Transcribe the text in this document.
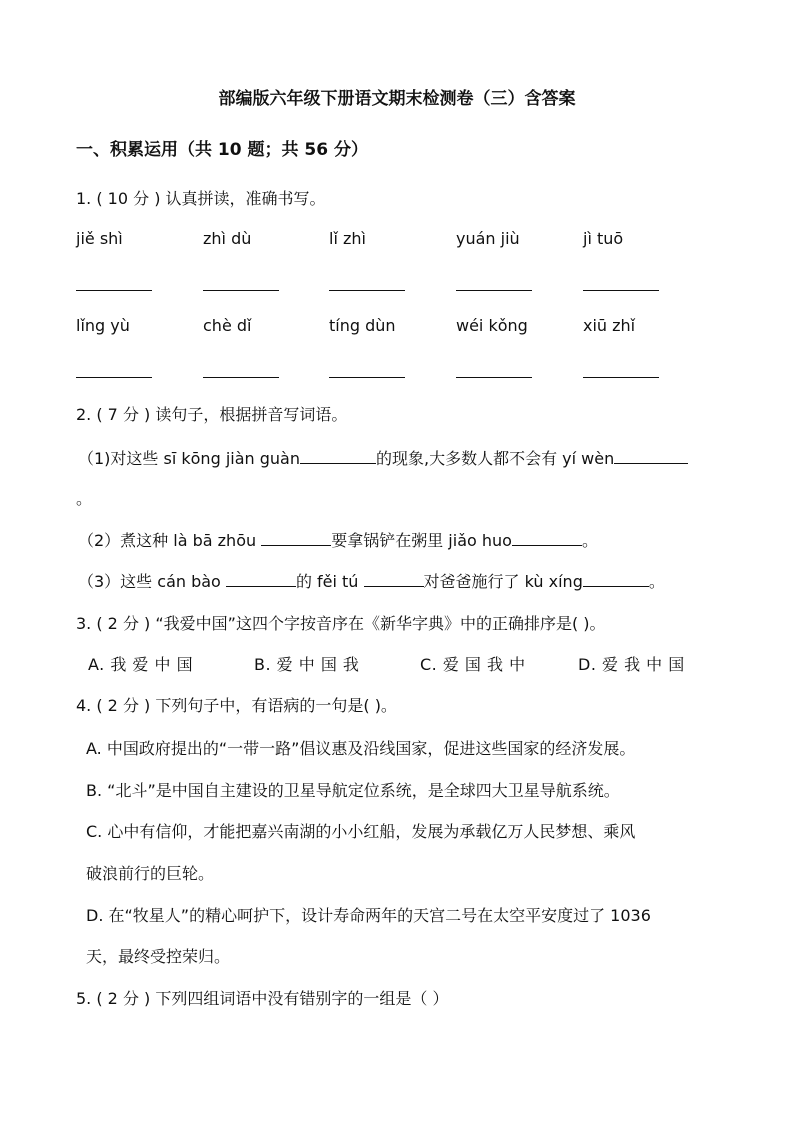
部编版六年级下册语文期末检测卷（三）含答案
一、积累运用（共 10 题；共 56 分）
1. ( 10 分 ) 认真拼读，准确书写。
jiě shì	zhì dù	lǐ zhì	yuán jiù	jì tuō
lǐng yù	chè dǐ	tíng dùn	wéi kǒng	xiū zhǐ
2. ( 7 分 ) 读句子，根据拼音写词语。
（1)对这些 sī kōng jiàn guàn	的现象,大多数人都不会有 yí wèn
。
（2）煮这种 là bā zhōu	要拿锅铲在粥里 jiǎo huo	。
（3）这些 cán bào	的 fěi tú	对爸爸施行了 kù xíng	。
3. ( 2 分 ) “我爱中国”这四个字按音序在《新华字典》中的正确排序是( )。
A. 我 爱 中 国	B. 爱 中 国 我	C. 爱 国 我 中	D. 爱 我 中 国
4. ( 2 分 ) 下列句子中，有语病的一句是( )。
A. 中国政府提出的“一带一路”倡议惠及沿线国家，促进这些国家的经济发展。
B. “北斗”是中国自主建设的卫星导航定位系统，是全球四大卫星导航系统。
C. 心中有信仰，才能把嘉兴南湖的小小红船，发展为承载亿万人民梦想、乘风
破浪前行的巨轮。
D. 在“牧星人”的精心呵护下，设计寿命两年的天宫二号在太空平安度过了 1036
天，最终受控荣归。
5. ( 2 分 ) 下列四组词语中没有错别字的一组是（ ）
